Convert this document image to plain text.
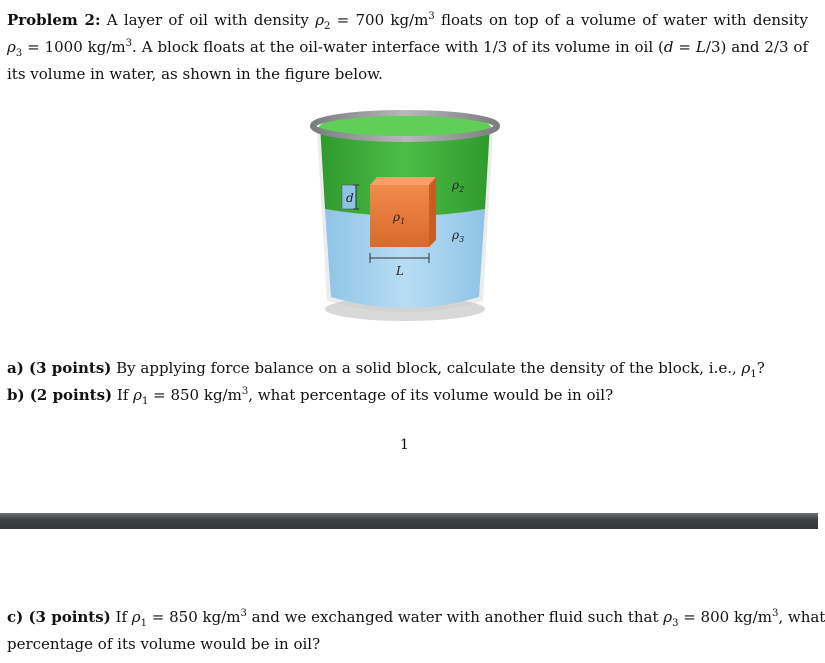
Problem 2: A layer of oil with density $\rho_2 = 700$ $kg/m^3$ floats on top of a volume of water with density
$\rho_3 = 1000$ $kg/m^3$. A block floats at the oil-water interface with 1/3 of its volume in oil (d = L/3) and 2/3 of
its volume in water, as shown in the figure below.
d
$\rho_1$
$\rho_2$
$\rho_3$
L
a) (3 points) By applying force balance on a solid block, calculate the density of the block, i.e., $\rho_1$?
b) (2 points) If $\rho_1 = 850$ $kg/m^3$, what percentage of its volume would be in oil?
1
c) (3 points) If $\rho_1 = 850$ $kg/m^3$ and we exchanged water with another fluid such that $\rho_3 = 800$ $kg/m^3$, what
percentage of its volume would be in oil?
